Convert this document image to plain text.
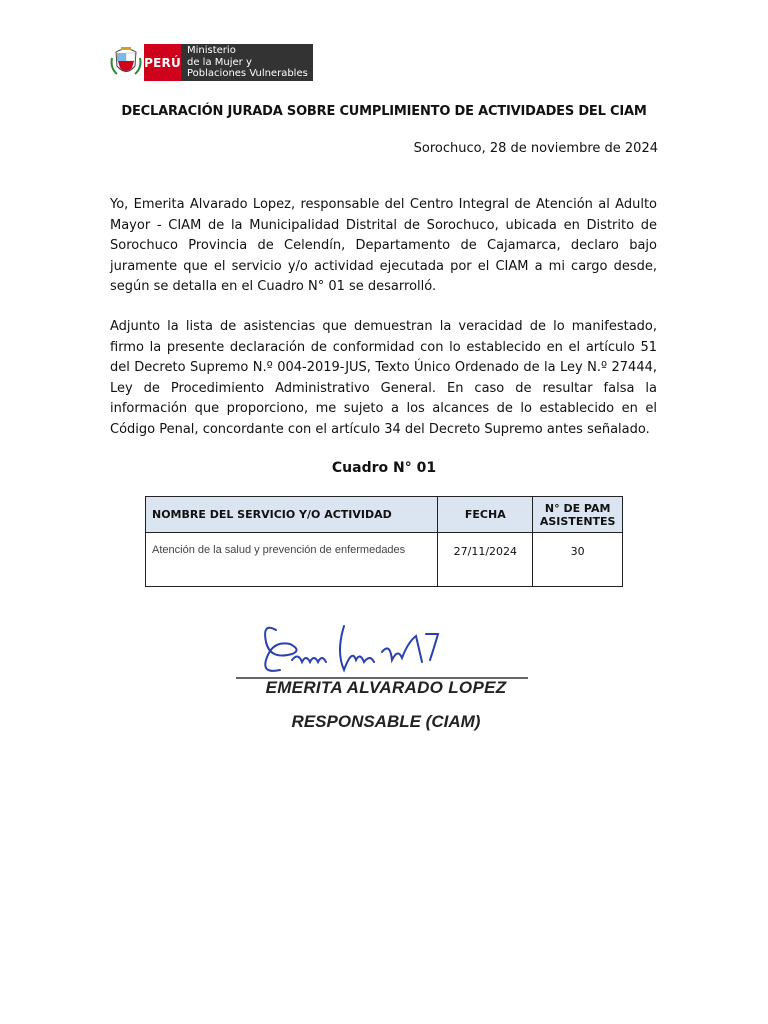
PERÚ
Ministerio
de la Mujer y
Poblaciones Vulnerables
DECLARACIÓN JURADA SOBRE CUMPLIMIENTO DE ACTIVIDADES DEL CIAM
Sorochuco, 28 de noviembre de 2024
Yo, Emerita Alvarado Lopez, responsable del Centro Integral de Atención al Adulto Mayor - CIAM de la Municipalidad Distrital de Sorochuco, ubicada en Distrito de Sorochuco Provincia de Celendín, Departamento de Cajamarca, declaro bajo juramente que el servicio y/o actividad ejecutada por el CIAM a mi cargo desde, según se detalla en el Cuadro N° 01 se desarrolló.
Adjunto la lista de asistencias que demuestran la veracidad de lo manifestado, firmo la presente declaración de conformidad con lo establecido en el artículo 51 del Decreto Supremo N.º 004-2019-JUS, Texto Único Ordenado de la Ley N.º 27444, Ley de Procedimiento Administrativo General. En caso de resultar falsa la información que proporciono, me sujeto a los alcances de lo establecido en el Código Penal, concordante con el artículo 34 del Decreto Supremo antes señalado.
Cuadro N° 01
NOMBRE DEL SERVICIO Y/O ACTIVIDAD	FECHA	N° DE PAM ASISTENTES
Atención de la salud y prevención de enfermedades	27/11/2024	30
EMERITA ALVARADO LOPEZ
RESPONSABLE (CIAM)
